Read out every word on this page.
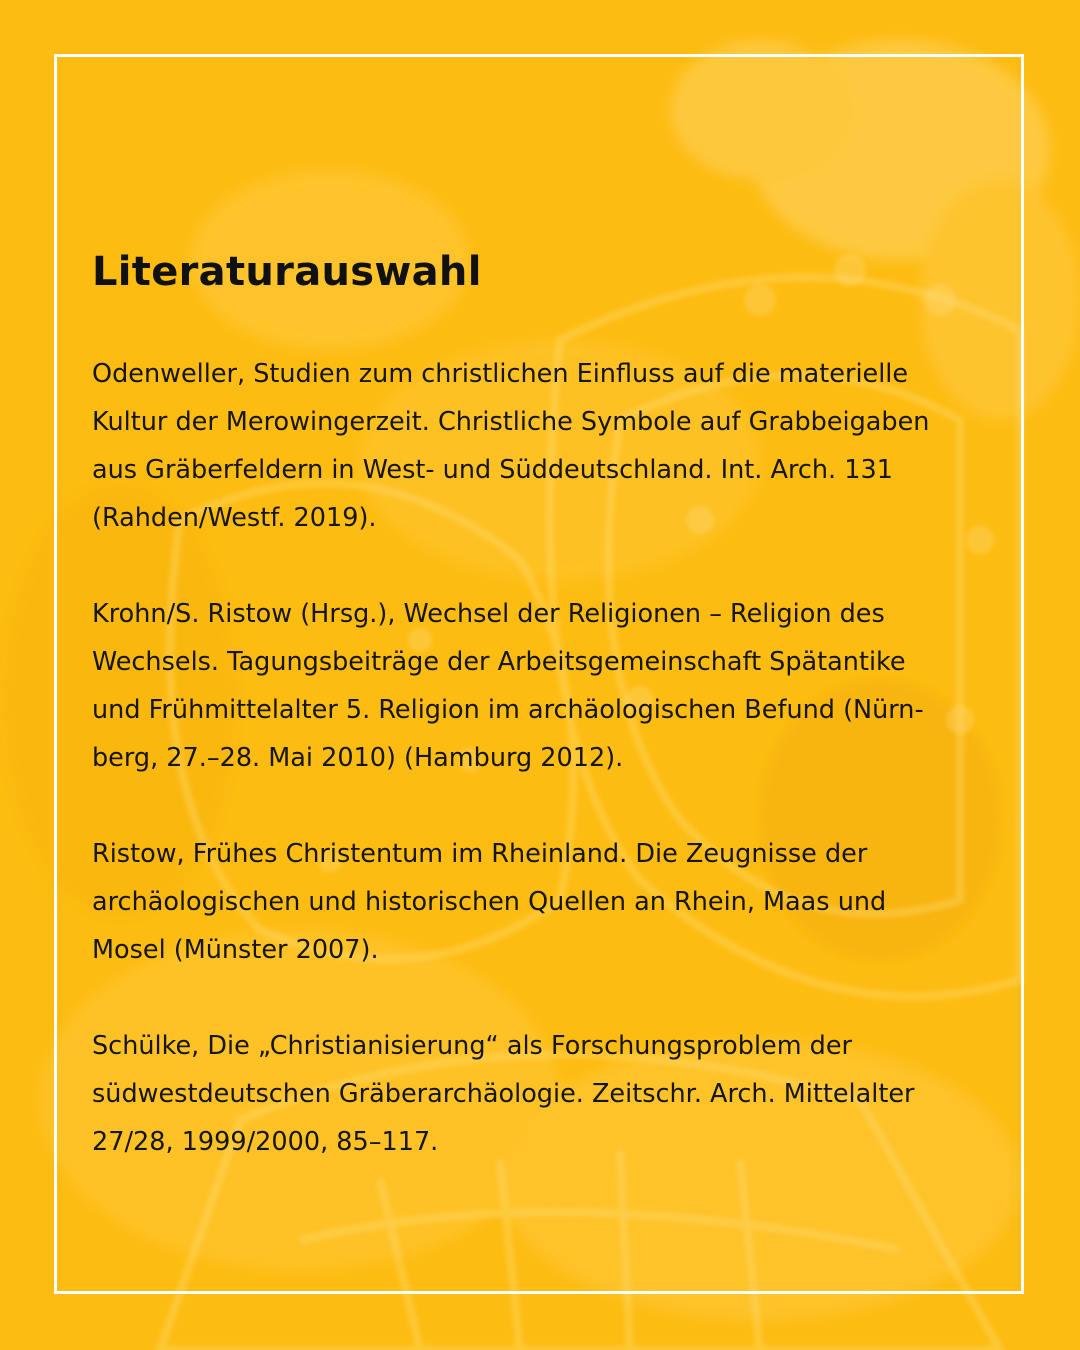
Literaturauswahl

Odenweller, Studien zum christlichen Einfluss auf die materielle
Kultur der Merowingerzeit. Christliche Symbole auf Grabbeigaben
aus Gräberfeldern in West- und Süddeutschland. Int. Arch. 131
(Rahden/Westf. 2019).

Krohn/S. Ristow (Hrsg.), Wechsel der Religionen – Religion des
Wechsels. Tagungsbeiträge der Arbeitsgemeinschaft Spätantike
und Frühmittelalter 5. Religion im archäologischen Befund (Nürn-
berg, 27.–28. Mai 2010) (Hamburg 2012).

Ristow, Frühes Christentum im Rheinland. Die Zeugnisse der
archäologischen und historischen Quellen an Rhein, Maas und
Mosel (Münster 2007).

Schülke, Die „Christianisierung“ als Forschungsproblem der
südwestdeutschen Gräberarchäologie. Zeitschr. Arch. Mittelalter
27/28, 1999/2000, 85–117.
